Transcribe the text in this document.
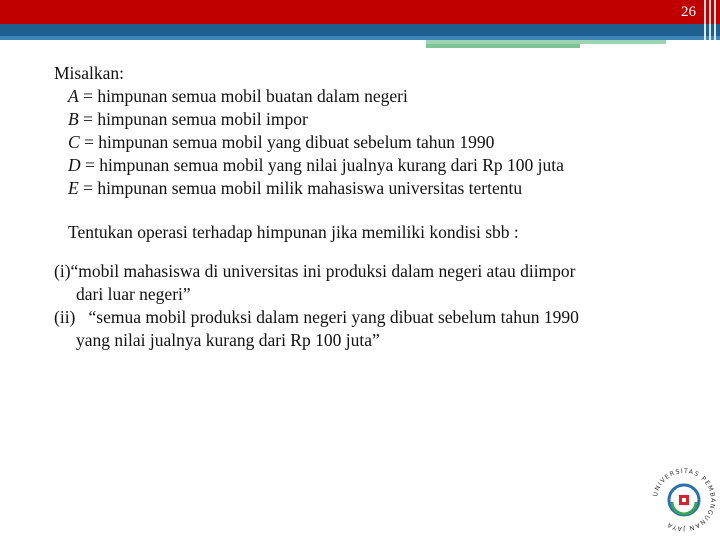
26
Misalkan:
A = himpunan semua mobil buatan dalam negeri
B = himpunan semua mobil impor
C = himpunan semua mobil yang dibuat sebelum tahun 1990
D = himpunan semua mobil yang nilai jualnya kurang dari Rp 100 juta
E = himpunan semua mobil milik mahasiswa universitas tertentu
Tentukan operasi terhadap himpunan jika memiliki kondisi sbb :
(i) “mobil mahasiswa di universitas ini produksi dalam negeri atau diimpor
dari luar negeri”
(ii) “semua mobil produksi dalam negeri yang dibuat sebelum tahun 1990
yang nilai jualnya kurang dari Rp 100 juta”
UNIVERSITAS PEMBANGUNAN JAYA
